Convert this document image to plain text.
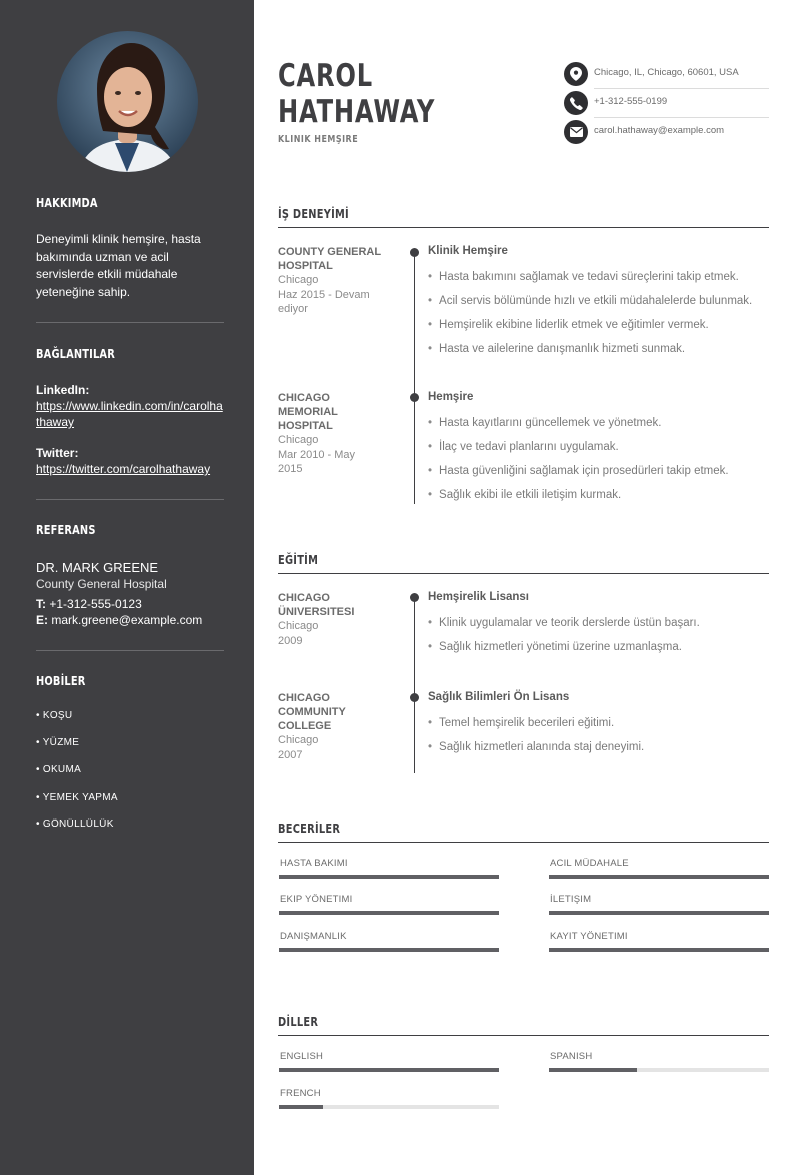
HAKKIMDA

Deneyimli klinik hemşire, hasta bakımında uzman ve acil servislerde etkili müdahale yeteneğine sahip.

BAĞLANTILAR
LinkedIn:
https://www.linkedin.com/in/carolhathaway
Twitter:
https://twitter.com/carolhathaway
REFERANS
DR. MARK GREENE
County General Hospital
T: +1-312-555-0123
E: mark.greene@example.com
HOBİLER
• KOŞU
• YÜZME
• OKUMA
• YEMEK YAPMA
• GÖNÜLLÜLÜK
CAROL
HATHAWAY
KLINIK HEMŞIRE
Chicago, IL, Chicago, 60601, USA
+1-312-555-0199
carol.hathaway@example.com
İŞ DENEYİMİ
COUNTY GENERAL HOSPITAL
Chicago
Haz 2015 - Devam ediyor
Klinik Hemşire
• Hasta bakımını sağlamak ve tedavi süreçlerini takip etmek.
• Acil servis bölümünde hızlı ve etkili müdahalelerde bulunmak.
• Hemşirelik ekibine liderlik etmek ve eğitimler vermek.
• Hasta ve ailelerine danışmanlık hizmeti sunmak.
CHICAGO MEMORIAL HOSPITAL
Chicago
Mar 2010 - May 2015
Hemşire
• Hasta kayıtlarını güncellemek ve yönetmek.
• İlaç ve tedavi planlarını uygulamak.
• Hasta güvenliğini sağlamak için prosedürleri takip etmek.
• Sağlık ekibi ile etkili iletişim kurmak.
EĞİTİM
CHICAGO ÜNIVERSITESI
Chicago
2009
Hemşirelik Lisansı
• Klinik uygulamalar ve teorik derslerde üstün başarı.
• Sağlık hizmetleri yönetimi üzerine uzmanlaşma.
CHICAGO COMMUNITY COLLEGE
Chicago
2007
Sağlık Bilimleri Ön Lisans
• Temel hemşirelik becerileri eğitimi.
• Sağlık hizmetleri alanında staj deneyimi.
BECERİLER
HASTA BAKIMI	ACIL MÜDAHALE
EKIP YÖNETIMI	İLETIŞIM
DANIŞMANLIK	KAYIT YÖNETIMI
DİLLER
ENGLISH	SPANISH
FRENCH
